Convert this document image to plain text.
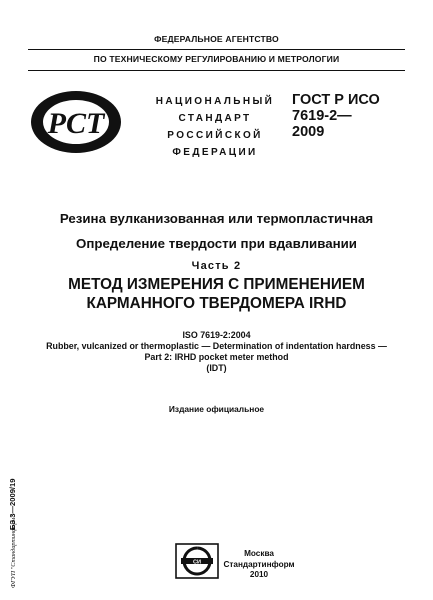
ФЕДЕРАЛЬНОЕ АГЕНТСТВО
ПО ТЕХНИЧЕСКОМУ РЕГУЛИРОВАНИЮ И МЕТРОЛОГИИ
РСТ
НАЦИОНАЛЬНЫЙ
СТАНДАРТ
РОССИЙСКОЙ
ФЕДЕРАЦИИ
ГОСТ Р ИСО
7619-2—
2009
Резина вулканизованная или термопластичная
Определение твердости при вдавливании
Часть 2
МЕТОД ИЗМЕРЕНИЯ С ПРИМЕНЕНИЕМ
КАРМАННОГО ТВЕРДОМЕРА IRHD
ISO 7619-2:2004
Rubber, vulcanized or thermoplastic — Determination of indentation hardness —
Part 2: IRHD pocket meter method
(IDT)
Издание официальное
БЗ 3—2009/19
ФГУП "Стандартинформ"	СИ
Москва
Стандартинформ
2010
